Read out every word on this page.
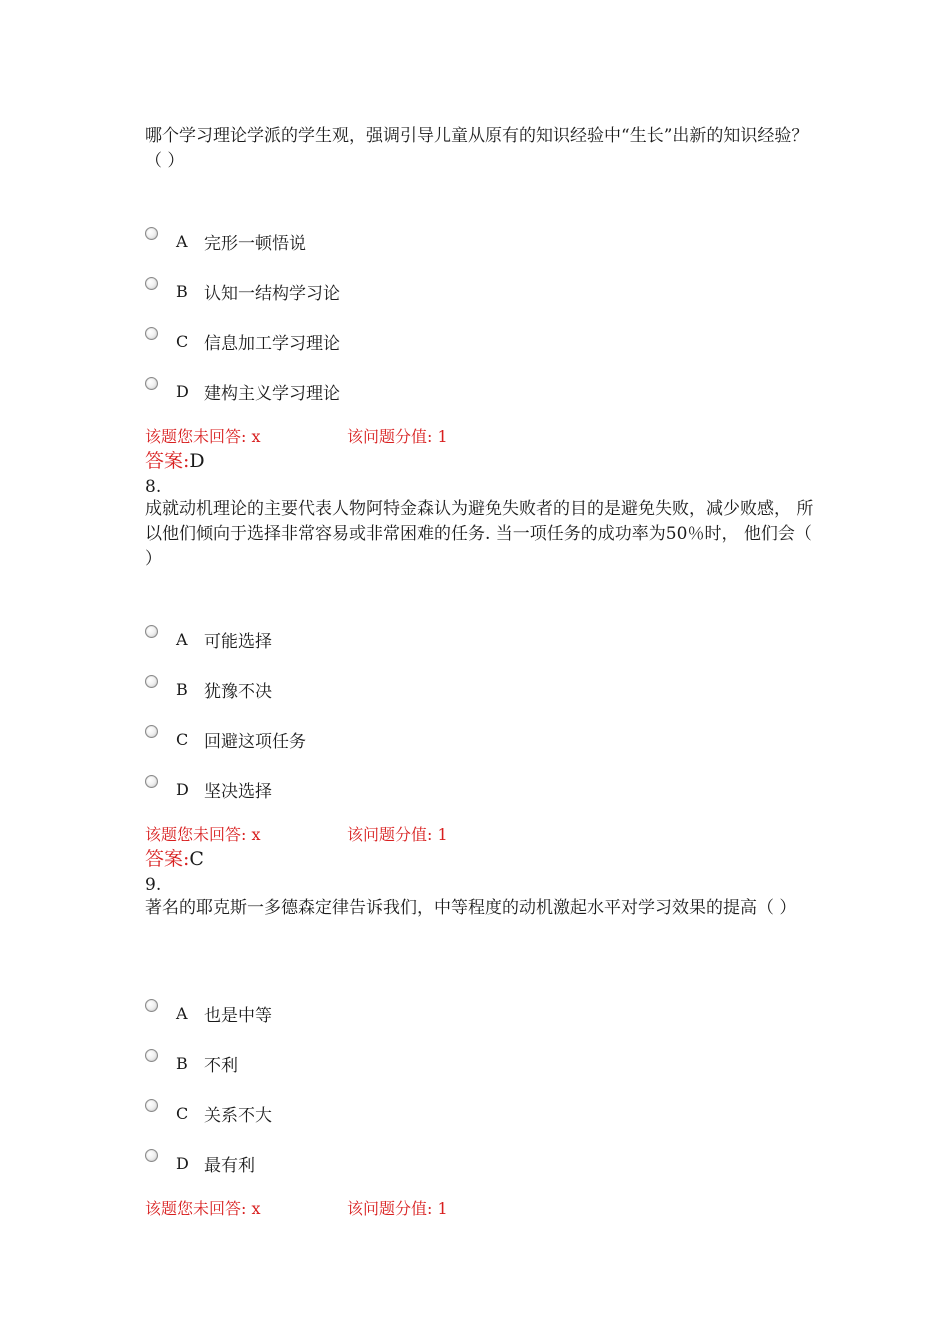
哪个学习理论学派的学生观，强调引导儿童从原有的知识经验中“生长”出新的知识经验？（ ）

A 完形一顿悟说
B 认知一结构学习论
C 信息加工学习理论
D 建构主义学习理论
该题您未回答: x	该问题分值: 1
答案:D
8.

成就动机理论的主要代表人物阿特金森认为避免失败者的目的是避免失败，减少败感， 所以他们倾向于选择非常容易或非常困难的任务. 当一项任务的成功率为50％时， 他们会（ ）

A 可能选择
B 犹豫不决
C 回避这项任务
D 坚决选择
该题您未回答: x	该问题分值: 1
答案:C
9.

著名的耶克斯一多德森定律告诉我们，中等程度的动机激起水平对学习效果的提高（ ）

A 也是中等
B 不利
C 关系不大
D 最有利
该题您未回答: x	该问题分值: 1
